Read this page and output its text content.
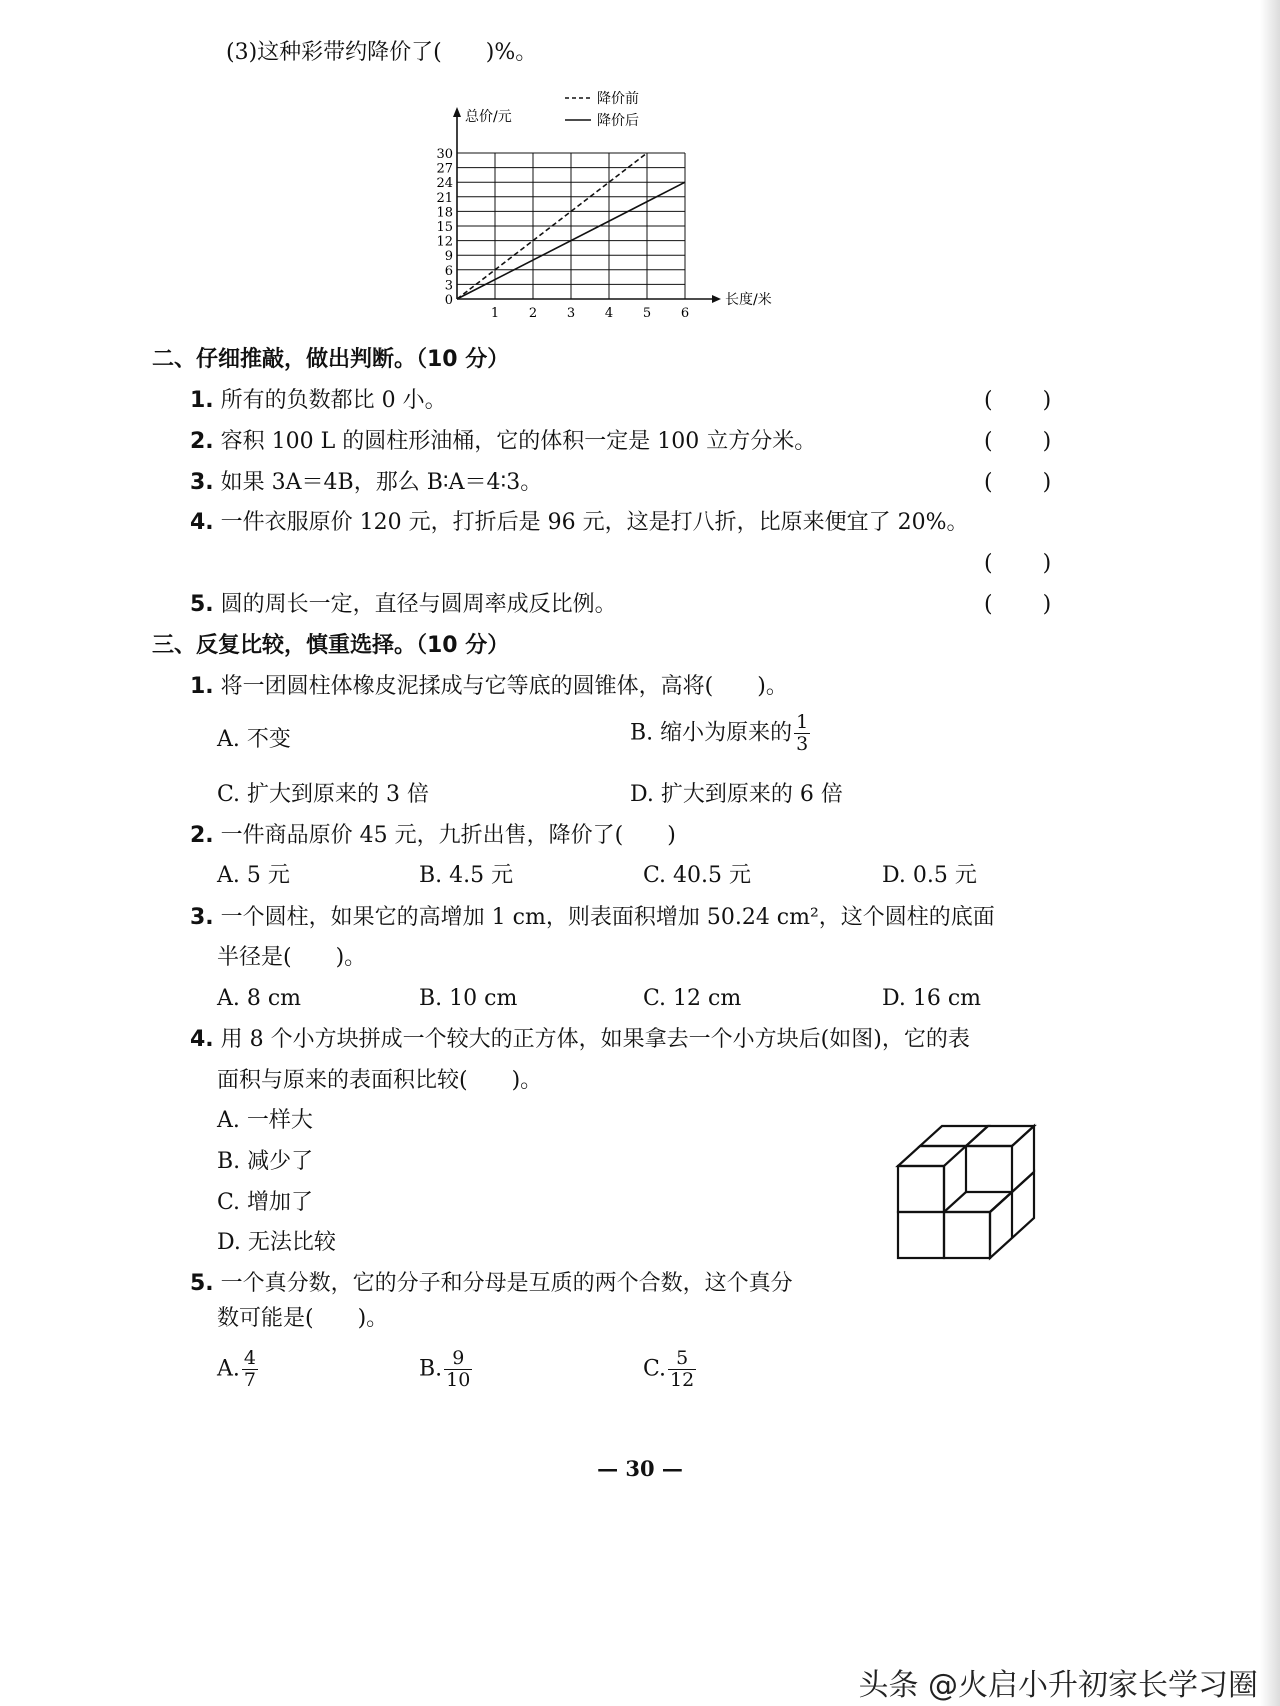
(3)这种彩带约降价了(　　)%。
1 2 3 4 5 6
0
3
6
9
12
15
18
21
24
27
30
总价/元
长度/米
降价前
降价后
二、仔细推敲，做出判断。（10 分）
1. 所有的负数都比 0 小。	(　　)
2. 容积 100 L 的圆柱形油桶，它的体积一定是 100 立方分米。	(　　)
3. 如果 3A＝4B，那么 B∶A＝4∶3。	(　　)
4. 一件衣服原价 120 元，打折后是 96 元，这是打八折，比原来便宜了 20%。
(　　)
5. 圆的周长一定，直径与圆周率成反比例。	(　　)
三、反复比较，慎重选择。（10 分）
1. 将一团圆柱体橡皮泥揉成与它等底的圆锥体，高将(　　)。
A. 不变	B. 缩小为原来的 $\frac{1}{3}$
C. 扩大到原来的 3 倍	D. 扩大到原来的 6 倍
2. 一件商品原价 45 元，九折出售，降价了(　　)
A. 5 元	B. 4.5 元	C. 40.5 元	D. 0.5 元
3. 一个圆柱，如果它的高增加 1 cm，则表面积增加 50.24 cm²，这个圆柱的底面
半径是(　　)。
A. 8 cm	B. 10 cm	C. 12 cm	D. 16 cm
4. 用 8 个小方块拼成一个较大的正方体，如果拿去一个小方块后(如图)，它的表
面积与原来的表面积比较(　　)。
A. 一样大
B. 减少了
C. 增加了
D. 无法比较
5. 一个真分数，它的分子和分母是互质的两个合数，这个真分
数可能是(　　)。
A. $\frac{4}{7}$	B. $\frac{9}{10}$	C. $\frac{5}{12}$
— 30 —
头条 @火启小升初家长学习圈
